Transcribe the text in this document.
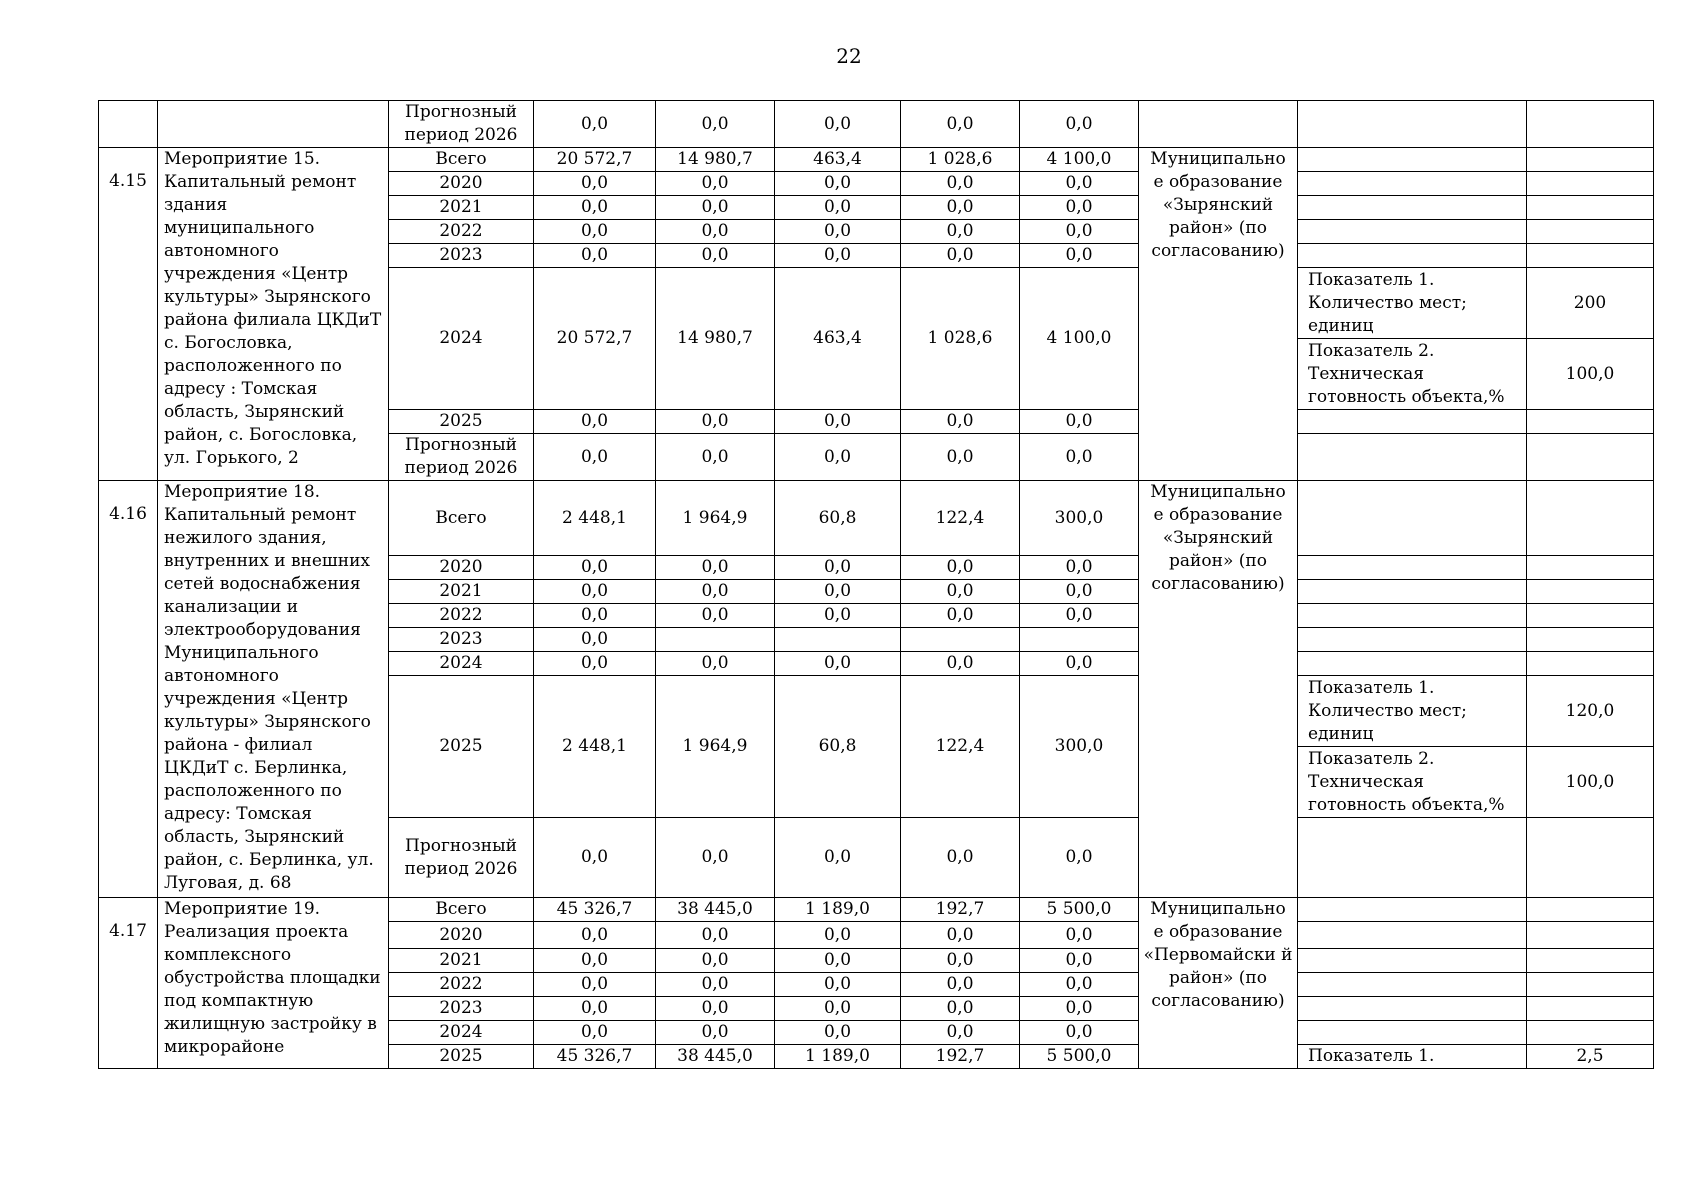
22
		Прогнозный период 2026	0,0	0,0	0,0	0,0	0,0			
4.15	Мероприятие 15. Капитальный ремонт здания муниципального автономного учреждения «Центр культуры» Зырянского района филиала ЦКДиТ с. Богословка, расположенного по адресу : Томская область, Зырянский район, с. Богословка, ул. Горького, 2	Всего	20 572,7	14 980,7	463,4	1 028,6	4 100,0	Муниципально е образование «Зырянский район» (по согласованию)		
		2020	0,0	0,0	0,0	0,0	0,0			
		2021	0,0	0,0	0,0	0,0	0,0			
		2022	0,0	0,0	0,0	0,0	0,0			
		2023	0,0	0,0	0,0	0,0	0,0			
		2024	20 572,7	14 980,7	463,4	1 028,6	4 100,0		Показатель 1. Количество мест; единиц	200
									Показатель 2. Техническая готовность объекта,%	100,0
		2025	0,0	0,0	0,0	0,0	0,0			
		Прогнозный период 2026	0,0	0,0	0,0	0,0	0,0			
4.16	Мероприятие 18. Капитальный ремонт нежилого здания, внутренних и внешних сетей водоснабжения канализации и электрооборудования Муниципального автономного учреждения «Центр культуры» Зырянского района - филиал ЦКДиТ с. Берлинка, расположенного по адресу: Томская область, Зырянский район, с. Берлинка, ул. Луговая, д. 68	Всего	2 448,1	1 964,9	60,8	122,4	300,0	Муниципально е образование «Зырянский район» (по согласованию)		
		2020	0,0	0,0	0,0	0,0	0,0			
		2021	0,0	0,0	0,0	0,0	0,0			
		2022	0,0	0,0	0,0	0,0	0,0			
		2023	0,0							
		2024	0,0	0,0	0,0	0,0	0,0			
		2025	2 448,1	1 964,9	60,8	122,4	300,0		Показатель 1. Количество мест; единиц	120,0
									Показатель 2. Техническая готовность объекта,%	100,0
		Прогнозный период 2026	0,0	0,0	0,0	0,0	0,0			
4.17	Мероприятие 19. Реализация проекта комплексного обустройства площадки под компактную жилищную застройку в микрорайоне	Всего	45 326,7	38 445,0	1 189,0	192,7	5 500,0	Муниципально е образование «Первомайски й район» (по согласованию)		
		2020	0,0	0,0	0,0	0,0	0,0			
		2021	0,0	0,0	0,0	0,0	0,0			
		2022	0,0	0,0	0,0	0,0	0,0			
		2023	0,0	0,0	0,0	0,0	0,0			
		2024	0,0	0,0	0,0	0,0	0,0			
		2025	45 326,7	38 445,0	1 189,0	192,7	5 500,0		Показатель 1.	2,5
